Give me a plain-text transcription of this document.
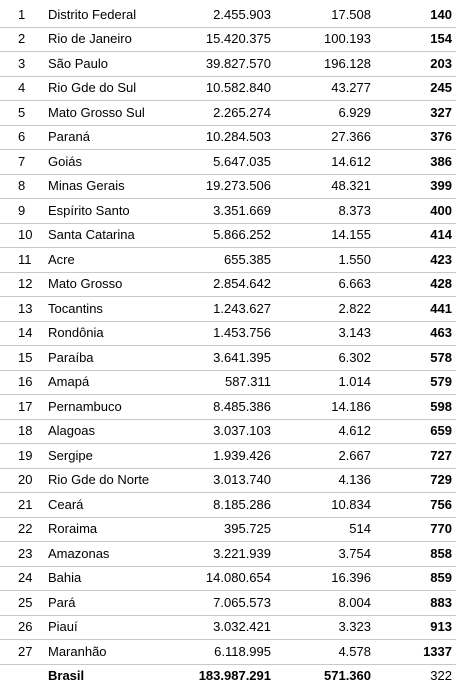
1	Distrito Federal	2.455.903	17.508	140
2	Rio de Janeiro	15.420.375	100.193	154
3	São Paulo	39.827.570	196.128	203
4	Rio Gde do Sul	10.582.840	43.277	245
5	Mato Grosso Sul	2.265.274	6.929	327
6	Paraná	10.284.503	27.366	376
7	Goiás	5.647.035	14.612	386
8	Minas Gerais	19.273.506	48.321	399
9	Espírito Santo	3.351.669	8.373	400
10	Santa Catarina	5.866.252	14.155	414
11	Acre	655.385	1.550	423
12	Mato Grosso	2.854.642	6.663	428
13	Tocantins	1.243.627	2.822	441
14	Rondônia	1.453.756	3.143	463
15	Paraíba	3.641.395	6.302	578
16	Amapá	587.311	1.014	579
17	Pernambuco	8.485.386	14.186	598
18	Alagoas	3.037.103	4.612	659
19	Sergipe	1.939.426	2.667	727
20	Rio Gde do Norte	3.013.740	4.136	729
21	Ceará	8.185.286	10.834	756
22	Roraima	395.725	514	770
23	Amazonas	3.221.939	3.754	858
24	Bahia	14.080.654	16.396	859
25	Pará	7.065.573	8.004	883
26	Piauí	3.032.421	3.323	913
27	Maranhão	6.118.995	4.578	1337
	Brasil	183.987.291	571.360	322
